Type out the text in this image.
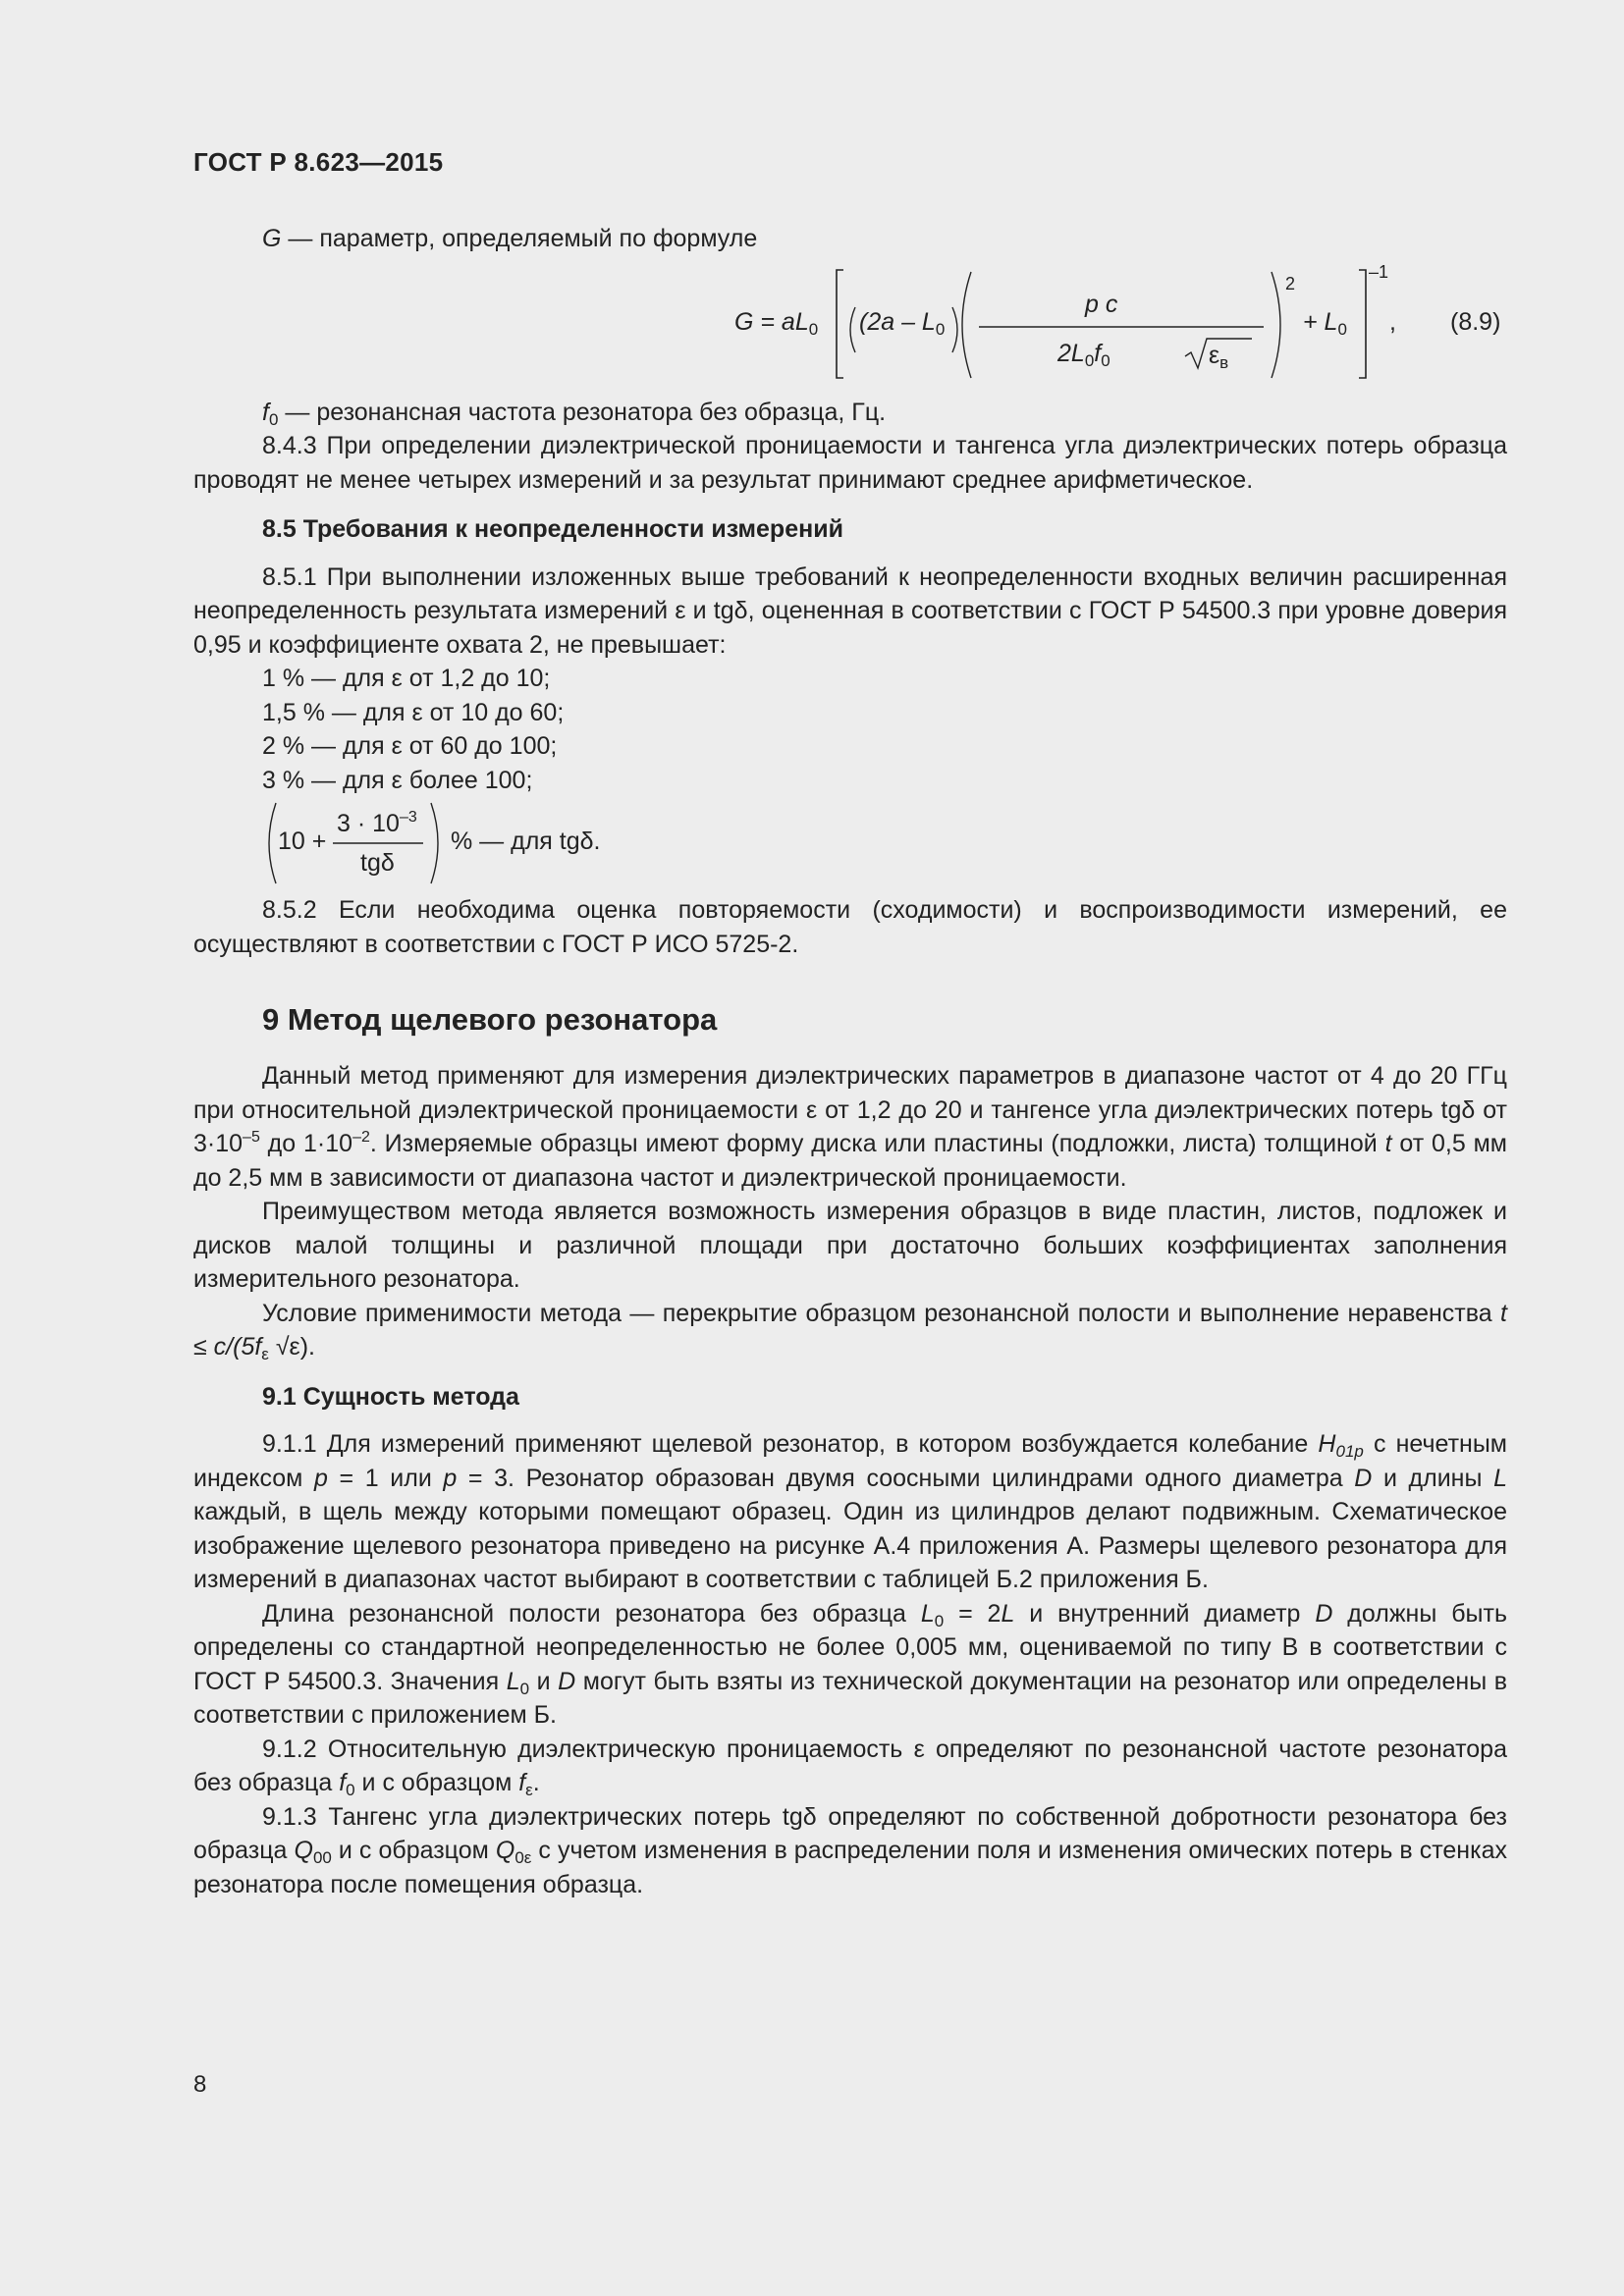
ГОСТ Р 8.623—2015

G — параметр, определяемый по формуле

$G = aL_0$ ($2a - L_0$
p c
$2L_0f_0$	$\varepsilon_в$
2
+ $L_0$
–1
, (8.9)

$f_0$ — резонансная частота резонатора без образца, Гц.

8.4.3 При определении диэлектрической проницаемости и тангенса угла диэлектрических потерь образца проводят не менее четырех измерений и за результат принимают среднее арифметическое.

8.5 Требования к неопределенности измерений

8.5.1 При выполнении изложенных выше требований к неопределенности входных величин расширенная неопределенность результата измерений ε и tgδ, оцененная в соответствии с ГОСТ Р 54500.3 при уровне доверия 0,95 и коэффициенте охвата 2, не превышает:

1 % — для ε от 1,2 до 10;

1,5 % — для ε от 10 до 60;

2 % — для ε от 60 до 100;

3 % — для ε более 100;

10 +
$3 \cdot 10^{-3}$
tgδ
% — для tgδ.

8.5.2 Если необходима оценка повторяемости (сходимости) и воспроизводимости измерений, ее осуществляют в соответствии с ГОСТ Р ИСО 5725-2.

9 Метод щелевого резонатора

Данный метод применяют для измерения диэлектрических параметров в диапазоне частот от 4 до 20 ГГц при относительной диэлектрической проницаемости ε от 1,2 до 20 и тангенсе угла диэлектрических потерь tgδ от $3\cdot 10^{-5}$ до $1\cdot 10^{-2}$. Измеряемые образцы имеют форму диска или пластины (подложки, листа) толщиной t от 0,5 мм до 2,5 мм в зависимости от диапазона частот и диэлектрической проницаемости.

Преимуществом метода является возможность измерения образцов в виде пластин, листов, подложек и дисков малой толщины и различной площади при достаточно больших коэффициентах заполнения измерительного резонатора.

Условие применимости метода — перекрытие образцом резонансной полости и выполнение неравенства $t \le c/(5f_\varepsilon$ √ε).

9.1 Сущность метода

9.1.1 Для измерений применяют щелевой резонатор, в котором возбуждается колебание $H_{01p}$ с нечетным индексом p = 1 или p = 3. Резонатор образован двумя соосными цилиндрами одного диаметра D и длины L каждый, в щель между которыми помещают образец. Один из цилиндров делают подвижным. Схематическое изображение щелевого резонатора приведено на рисунке А.4 приложения А. Размеры щелевого резонатора для измерений в диапазонах частот выбирают в соответствии с таблицей Б.2 приложения Б.

Длина резонансной полости резонатора без образца $L_0 = 2L$ и внутренний диаметр D должны быть определены со стандартной неопределенностью не более 0,005 мм, оцениваемой по типу В в соответствии с ГОСТ Р 54500.3. Значения $L_0$ и D могут быть взяты из технической документации на резонатор или определены в соответствии с приложением Б.

9.1.2 Относительную диэлектрическую проницаемость ε определяют по резонансной частоте резонатора без образца $f_0$ и с образцом $f_\varepsilon$.

9.1.3 Тангенс угла диэлектрических потерь tgδ определяют по собственной добротности резонатора без образца $Q_{00}$ и с образцом $Q_{0\varepsilon}$ с учетом изменения в распределении поля и изменения омических потерь в стенках резонатора после помещения образца.

8
